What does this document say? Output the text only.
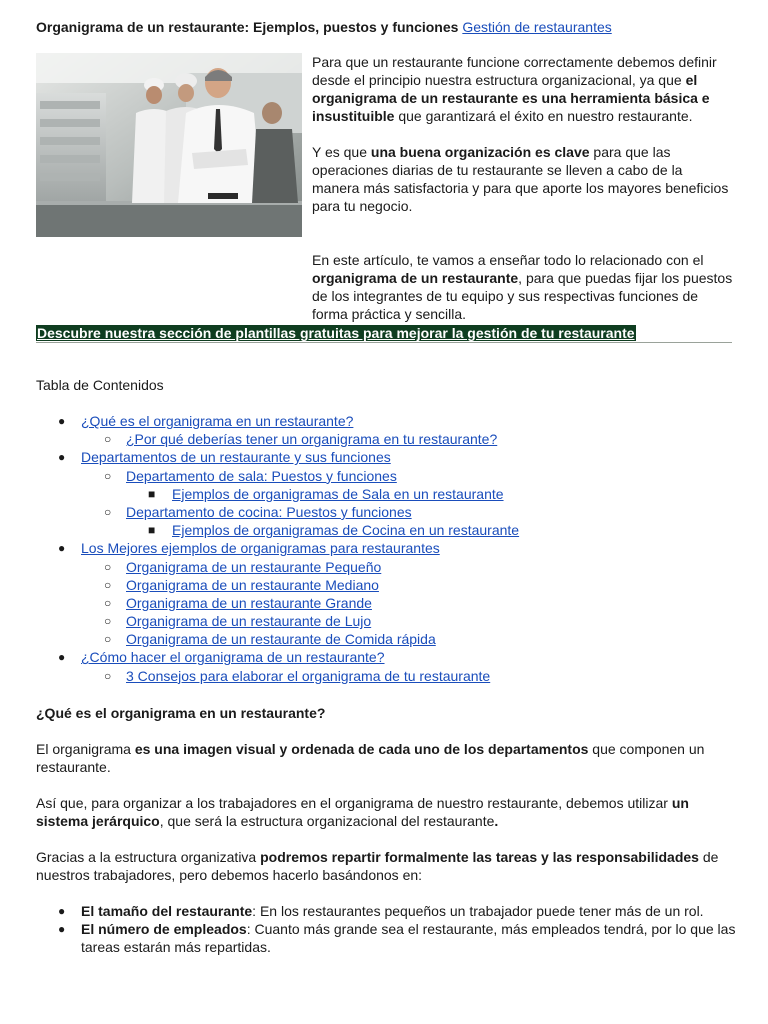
Organigrama de un restaurante: Ejemplos, puestos y funciones Gestión de restaurantes

Para que un restaurante funcione correctamente debemos definir desde el principio nuestra estructura organizacional, ya que el organigrama de un restaurante es una herramienta básica e insustituible que garantizará el éxito en nuestro restaurante.

Y es que una buena organización es clave para que las operaciones diarias de tu restaurante se lleven a cabo de la manera más satisfactoria y para que aporte los mayores beneficios para tu negocio.

En este artículo, te vamos a enseñar todo lo relacionado con el organigrama de un restaurante, para que puedas fijar los puestos de los integrantes de tu equipo y sus respectivas funciones de forma práctica y sencilla.
Descubre nuestra sección de plantillas gratuitas para mejorar la gestión de tu restaurante
Tabla de Contenidos
● ¿Qué es el organigrama en un restaurante?
○ ¿Por qué deberías tener un organigrama en tu restaurante?
● Departamentos de un restaurante y sus funciones
○ Departamento de sala: Puestos y funciones
■ Ejemplos de organigramas de Sala en un restaurante
○ Departamento de cocina: Puestos y funciones
■ Ejemplos de organigramas de Cocina en un restaurante
● Los Mejores ejemplos de organigramas para restaurantes
○ Organigrama de un restaurante Pequeño
○ Organigrama de un restaurante Mediano
○ Organigrama de un restaurante Grande
○ Organigrama de un restaurante de Lujo
○ Organigrama de un restaurante de Comida rápida
● ¿Cómo hacer el organigrama de un restaurante?
○ 3 Consejos para elaborar el organigrama de tu restaurante
¿Qué es el organigrama en un restaurante?
El organigrama es una imagen visual y ordenada de cada uno de los departamentos que componen un restaurante.
Así que, para organizar a los trabajadores en el organigrama de nuestro restaurante, debemos utilizar un sistema jerárquico, que será la estructura organizacional del restaurante.
Gracias a la estructura organizativa podremos repartir formalmente las tareas y las responsabilidades de nuestros trabajadores, pero debemos hacerlo basándonos en:
● El tamaño del restaurante: En los restaurantes pequeños un trabajador puede tener más de un rol.
● El número de empleados: Cuanto más grande sea el restaurante, más empleados tendrá, por lo que las tareas estarán más repartidas.
